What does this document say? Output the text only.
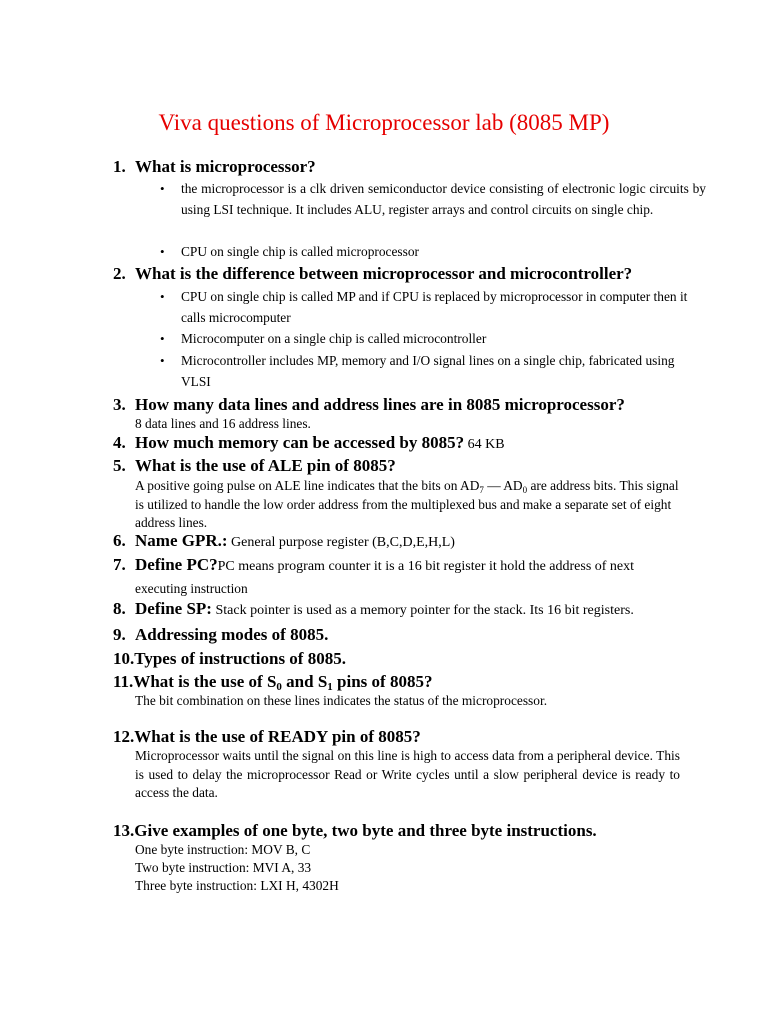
Viva questions of Microprocessor lab (8085 MP)
1. What is microprocessor?
• the microprocessor is a clk driven semiconductor device consisting of electronic logic circuits by using LSI technique. It includes ALU, register arrays and control circuits on single chip.
• CPU on single chip is called microprocessor
2. What is the difference between microprocessor and microcontroller?
• CPU on single chip is called MP and if CPU is replaced by microprocessor in computer then it calls microcomputer
• Microcomputer on a single chip is called microcontroller
• Microcontroller includes MP, memory and I/O signal lines on a single chip, fabricated using VLSI
3. How many data lines and address lines are in 8085 microprocessor?
8 data lines and 16 address lines.
4. How much memory can be accessed by 8085? 64 KB
5. What is the use of ALE pin of 8085?
A positive going pulse on ALE line indicates that the bits on $AD_7$ — $AD_0$ are address bits. This signal is utilized to handle the low order address from the multiplexed bus and make a separate set of eight address lines.
6. Name GPR.: General purpose register (B,C,D,E,H,L)
7. Define PC?PC means program counter it is a 16 bit register it hold the address of next
executing instruction
8. Define SP: Stack pointer is used as a memory pointer for the stack. Its 16 bit registers.
9. Addressing modes of 8085.
10.Types of instructions of 8085.
11.What is the use of $S_0$ and $S_1$ pins of 8085?
The bit combination on these lines indicates the status of the microprocessor.
12.What is the use of READY pin of 8085?
Microprocessor waits until the signal on this line is high to access data from a peripheral device. This is used to delay the microprocessor Read or Write cycles until a slow peripheral device is ready to access the data.
13.Give examples of one byte, two byte and three byte instructions.
One byte instruction: MOV B, C
Two byte instruction: MVI A, 33
Three byte instruction: LXI H, 4302H
